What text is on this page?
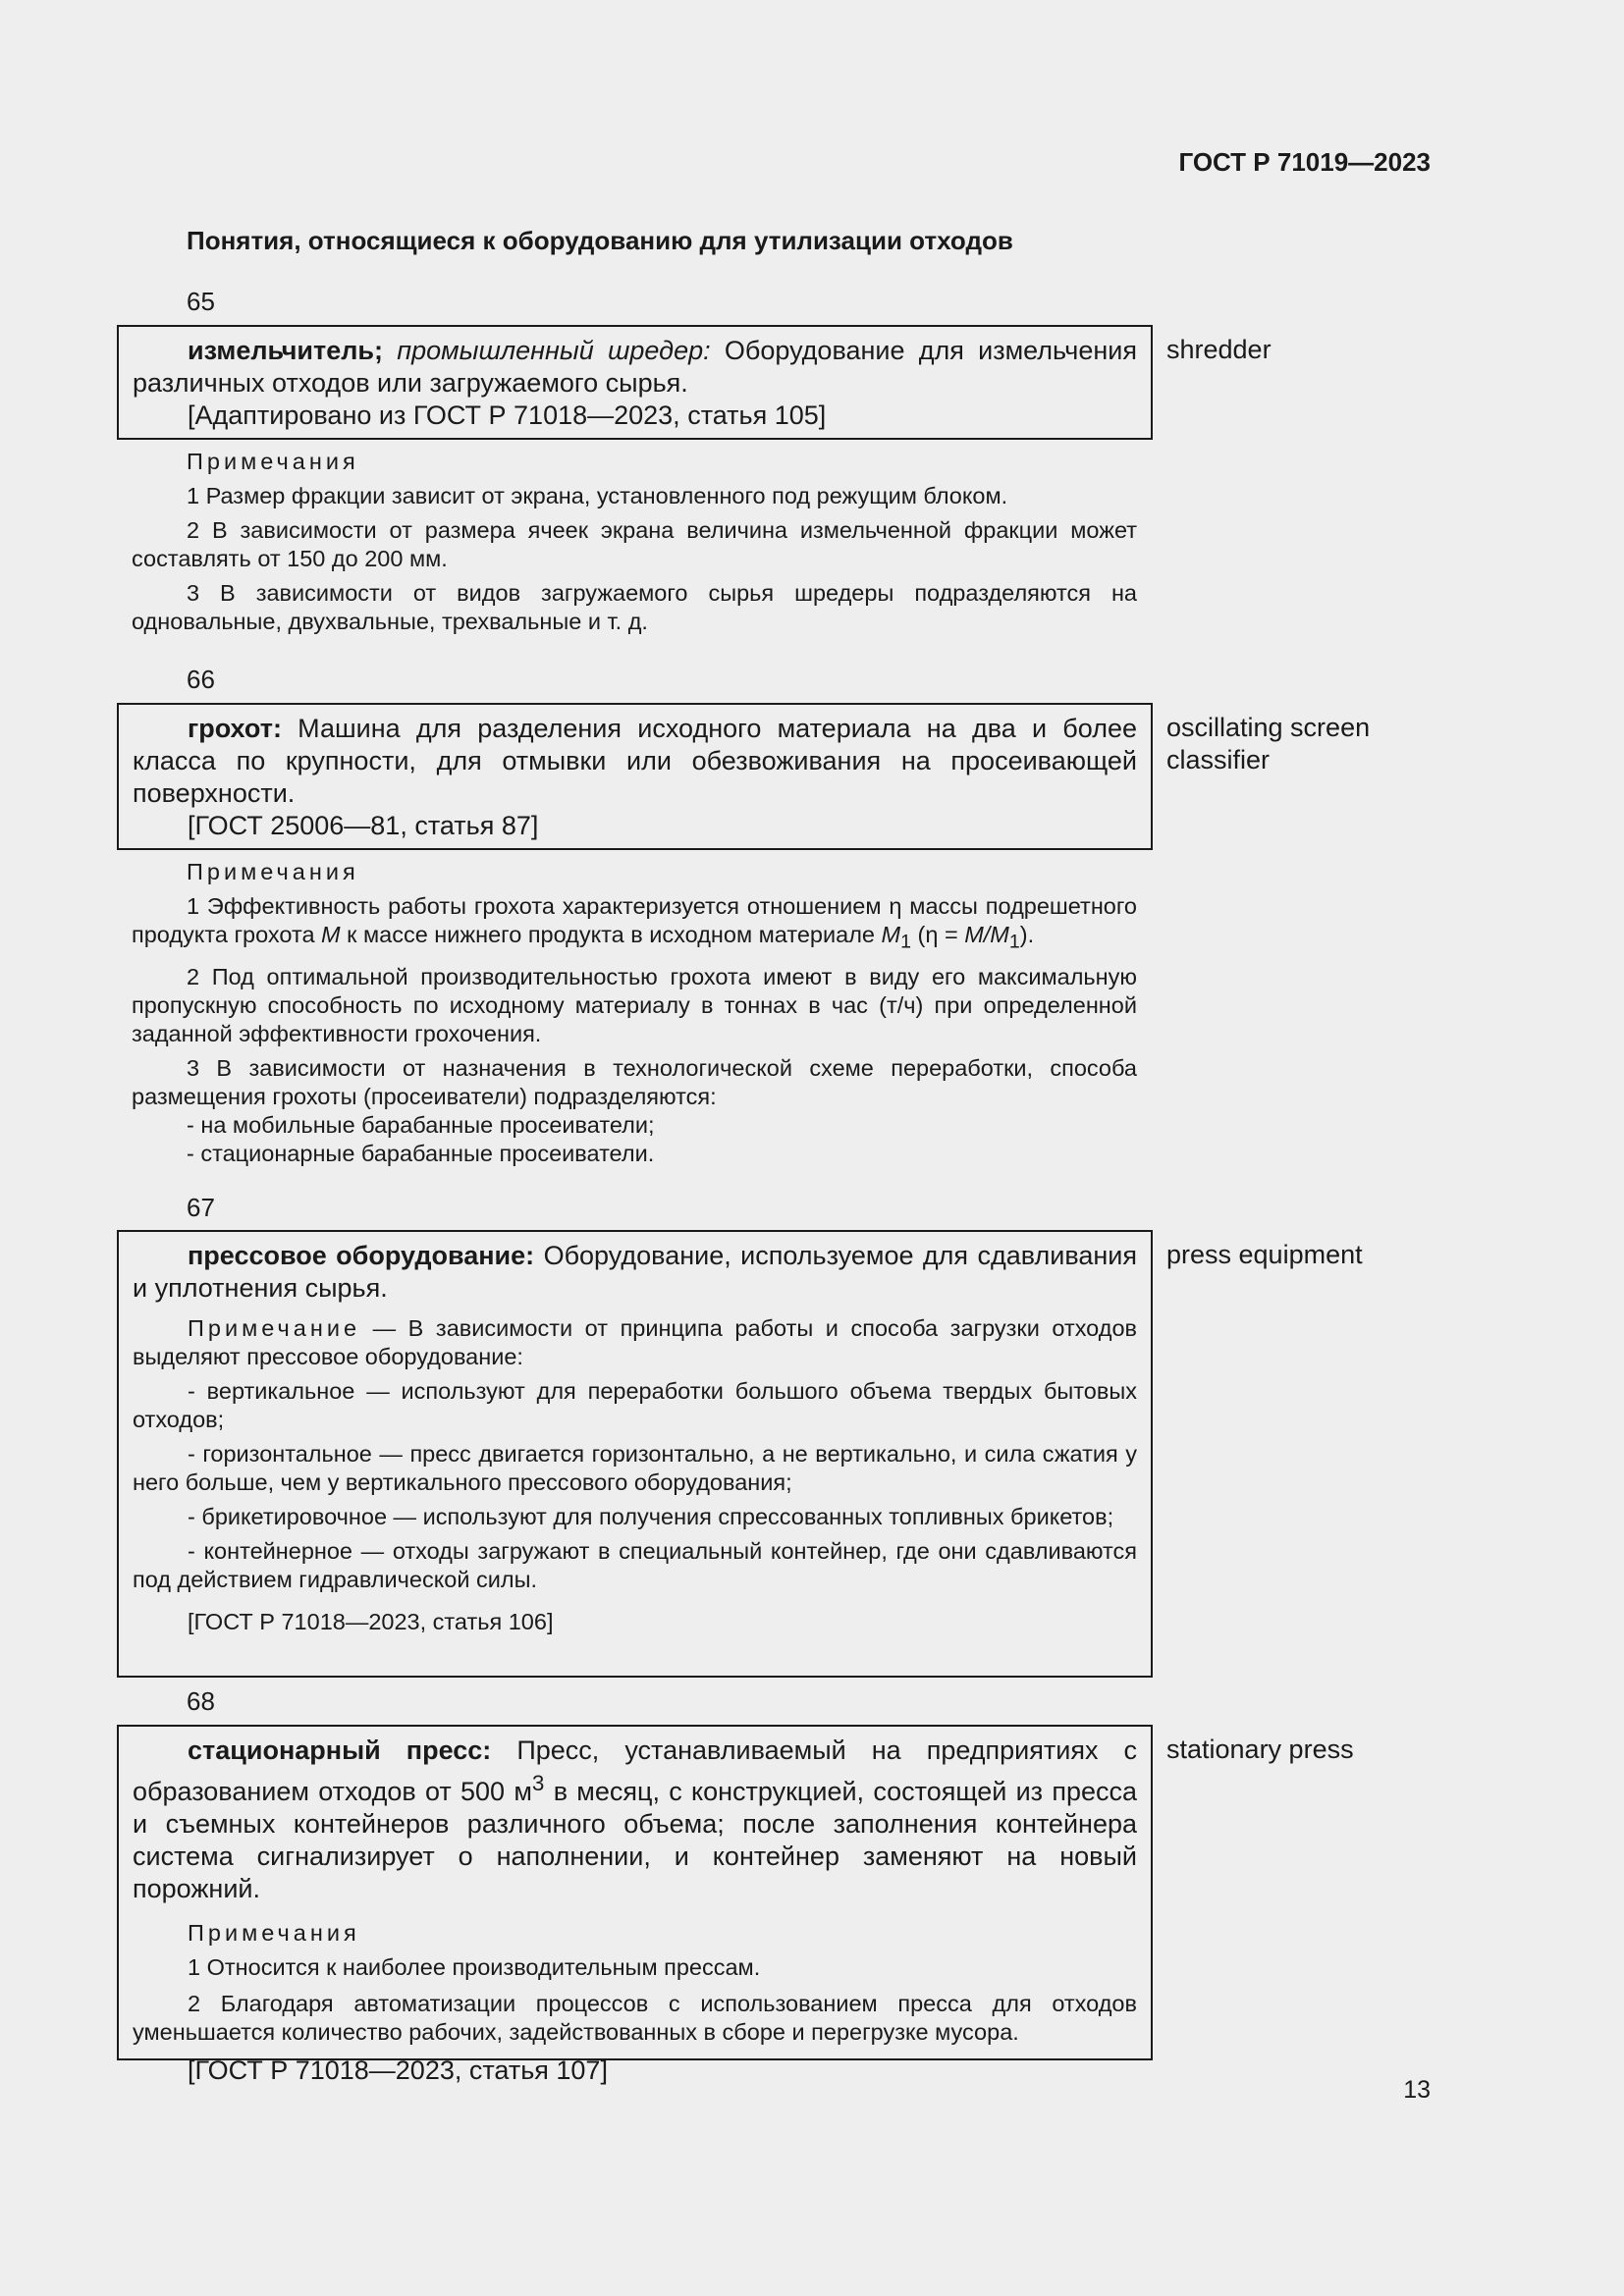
ГОСТ Р 71019—2023
Понятия, относящиеся к оборудованию для утилизации отходов
65

измельчитель; промышленный шредер: Оборудование для измельчения различных отходов или загружаемого сырья.

[Адаптировано из ГОСТ Р 71018—2023, статья 105]

shredder

Примечания

1 Размер фракции зависит от экрана, установленного под режущим блоком.

2 В зависимости от размера ячеек экрана величина измельченной фракции может составлять от 150 до 200 мм.

3 В зависимости от видов загружаемого сырья шредеры подразделяются на одновальные, двухвальные, трехвальные и т. д.

66

грохот: Машина для разделения исходного материала на два и более класса по крупности, для отмывки или обезвоживания на просеивающей поверхности.

[ГОСТ 25006—81, статья 87]

oscillating screen classifier

Примечания

1 Эффективность работы грохота характеризуется отношением η массы подрешетного продукта грохота M к массе нижнего продукта в исходном материале $M_1$ $(\eta = M/M_1)$.

2 Под оптимальной производительностью грохота имеют в виду его максимальную пропускную способность по исходному материалу в тоннах в час (т/ч) при определенной заданной эффективности грохочения.

3 В зависимости от назначения в технологической схеме переработки, способа размещения грохоты (просеиватели) подразделяются:

- на мобильные барабанные просеиватели;

- стационарные барабанные просеиватели.

67

прессовое оборудование: Оборудование, используемое для сдавливания и уплотнения сырья.

Примечание — В зависимости от принципа работы и способа загрузки отходов выделяют прессовое оборудование:

- вертикальное — используют для переработки большого объема твердых бытовых отходов;

- горизонтальное — пресс двигается горизонтально, а не вертикально, и сила сжатия у него больше, чем у вертикального прессового оборудования;

- брикетировочное — используют для получения спрессованных топливных брикетов;

- контейнерное — отходы загружают в специальный контейнер, где они сдавливаются под действием гидравлической силы.

[ГОСТ Р 71018—2023, статья 106]

press equipment
68

стационарный пресс: Пресс, устанавливаемый на предприятиях с образованием отходов от 500 $м^3$ в месяц, с конструкцией, состоящей из пресса и съемных контейнеров различного объема; после заполнения контейнера система сигнализирует о наполнении, и контейнер заменяют на новый порожний.

Примечания

1 Относится к наиболее производительным прессам.

2 Благодаря автоматизации процессов с использованием пресса для отходов уменьшается количество рабочих, задействованных в сборе и перегрузке мусора.

[ГОСТ Р 71018—2023, статья 107]

stationary press
13
